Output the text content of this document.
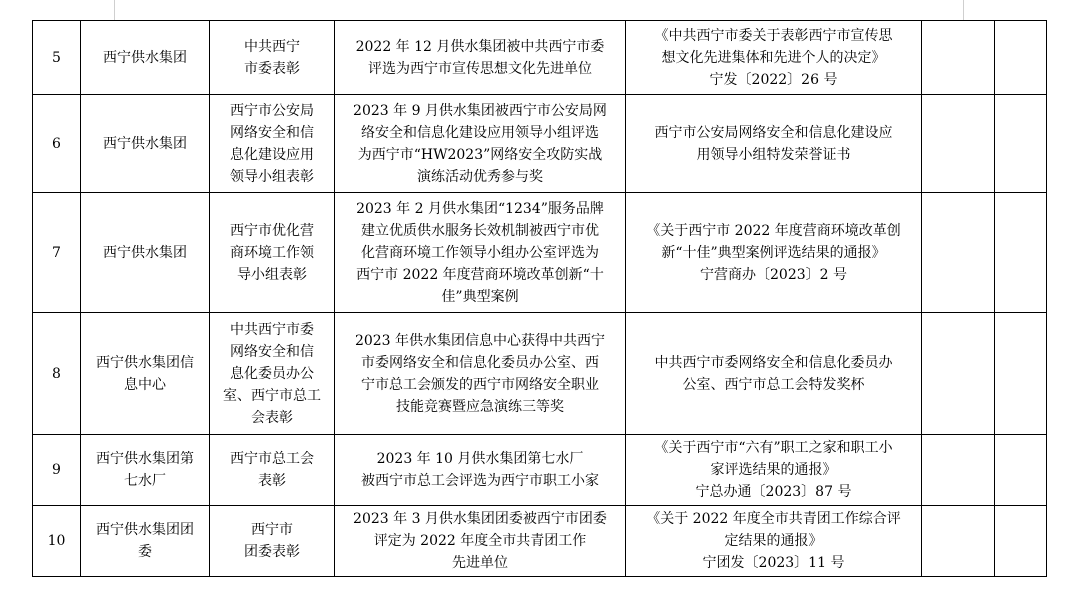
5	西宁供水集团	中共西宁
市委表彰	2022 年 12 月供水集团被中共西宁市委
评选为西宁市宣传思想文化先进单位	《中共西宁市委关于表彰西宁市宣传思
想文化先进集体和先进个人的决定》
宁发〔2022〕26 号		

6	西宁供水集团	西宁市公安局
网络安全和信
息化建设应用
领导小组表彰	2023 年 9 月供水集团被西宁市公安局网
络安全和信息化建设应用领导小组评选
为西宁市“HW2023”网络安全攻防实战
演练活动优秀参与奖	西宁市公安局网络安全和信息化建设应
用领导小组特发荣誉证书		

7	西宁供水集团	西宁市优化营
商环境工作领
导小组表彰	2023 年 2 月供水集团“1234”服务品牌
建立优质供水服务长效机制被西宁市优
化营商环境工作领导小组办公室评选为
西宁市 2022 年度营商环境改革创新“十
佳”典型案例	《关于西宁市 2022 年度营商环境改革创
新“十佳”典型案例评选结果的通报》
宁营商办〔2023〕2 号		

8	西宁供水集团信
息中心	中共西宁市委
网络安全和信
息化委员办公
室、西宁市总工
会表彰	2023 年供水集团信息中心获得中共西宁
市委网络安全和信息化委员办公室、西
宁市总工会颁发的西宁市网络安全职业
技能竞赛暨应急演练三等奖	中共西宁市委网络安全和信息化委员办
公室、西宁市总工会特发奖杯		

9	西宁供水集团第
七水厂	西宁市总工会
表彰	2023 年 10 月供水集团第七水厂
被西宁市总工会评选为西宁市职工小家	《关于西宁市“六有”职工之家和职工小
家评选结果的通报》
宁总办通〔2023〕87 号		

10	西宁供水集团团
委	西宁市
团委表彰	2023 年 3 月供水集团团委被西宁市团委
评定为 2022 年度全市共青团工作
先进单位	《关于 2022 年度全市共青团工作综合评
定结果的通报》
宁团发〔2023〕11 号		
